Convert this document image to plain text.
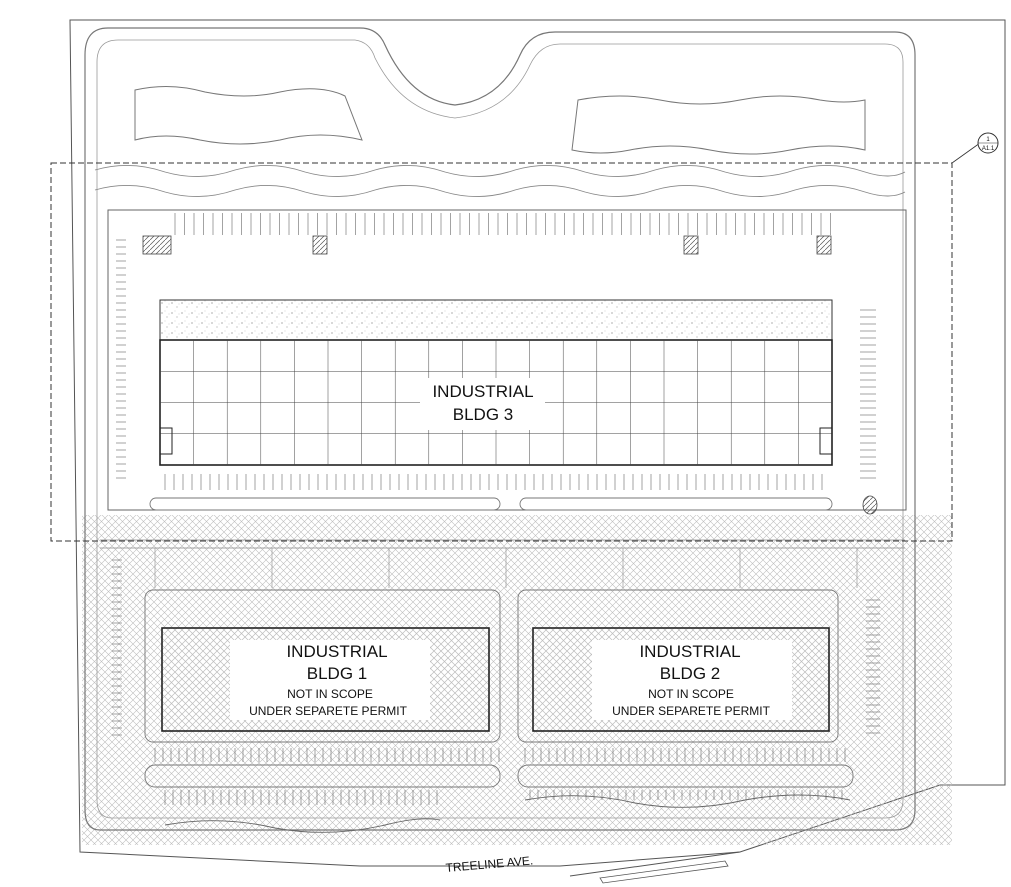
1
A1.1
INDUSTRIAL
BLDG 3
INDUSTRIAL
BLDG 1
NOT IN SCOPE
UNDER SEPARETE PERMIT
INDUSTRIAL
BLDG 2
NOT IN SCOPE
UNDER SEPARETE PERMIT
TREELINE AVE.
